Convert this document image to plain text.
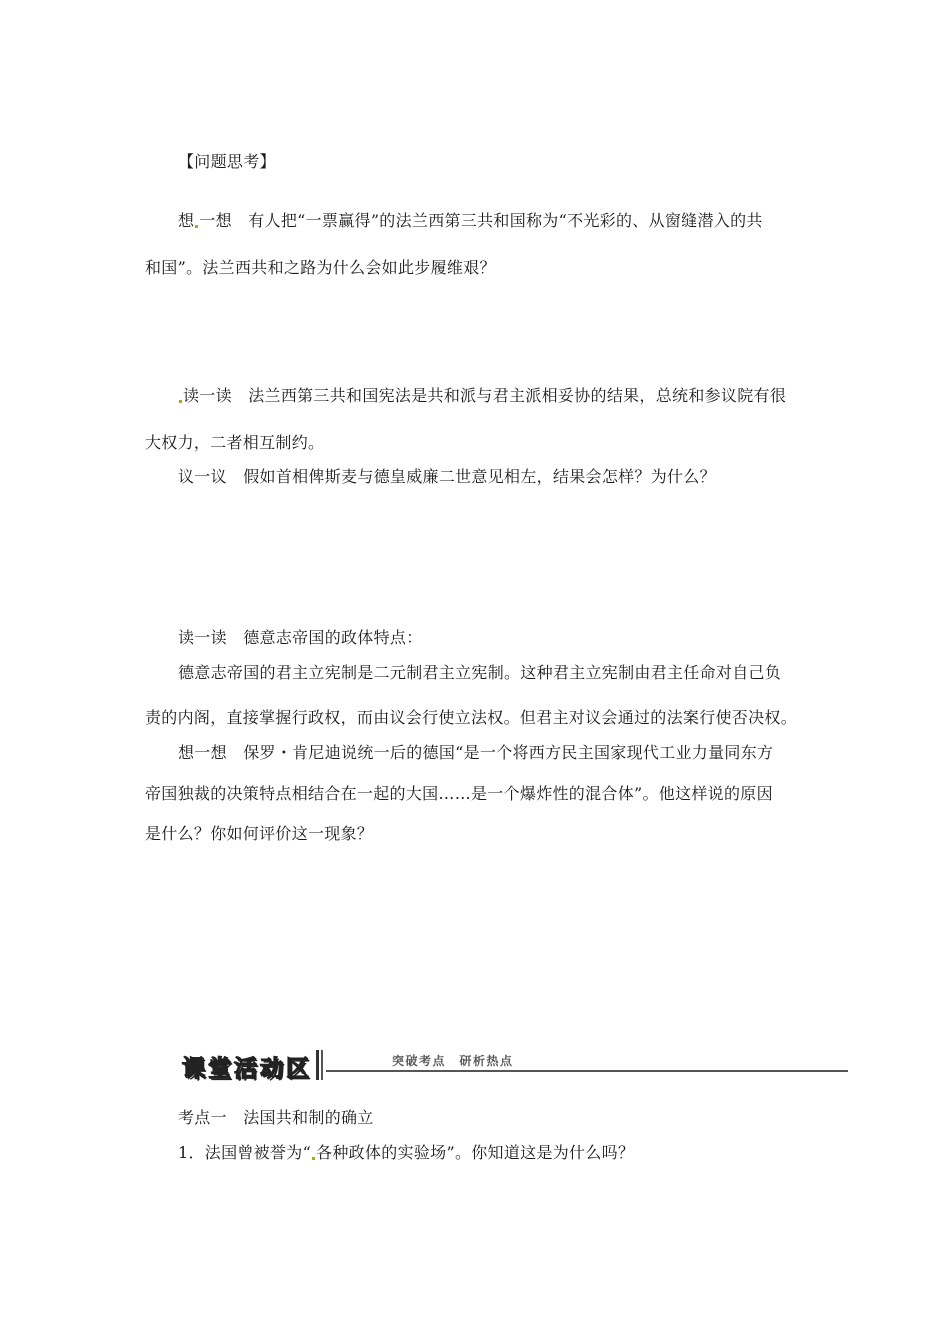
【问题思考】
想 一想　 有人把“一票赢得”的法兰西第三共和国称为“不光彩的、从窗缝潜入的共
和国”。法兰西共和之路为什么会如此步履维艰？
读一读　 法兰西第三共和国宪法是共和派与君主派相妥协的结果，总统和参议院有很
大权力，二者相互制约。
议一议　 假如首相俾斯麦与德皇威廉二世意见相左，结果会怎样？为什么？
读一读　 德意志帝国的政体特点：
德意志帝国的君主立宪制是二元制君主立宪制。这种君主立宪制由君主任命对自己负
责的内阁，直接掌握行政权，而由议会行使立法权。但君主对议会通过的法案行使否决权。
想一想　 保罗・肯尼迪说统一后的德国“是一个将西方民主国家现代工业力量同东方
帝国独裁的决策特点相结合在一起的大国……是一个爆炸性的混合体”。他这样说的原因
是什么？你如何评价这一现象？
课堂活动区	突破考点　研析热点
考点一　法国共和制的确立
1．法国曾被誉为“ 各种政体的实验场”。你知道这是为什么吗？
